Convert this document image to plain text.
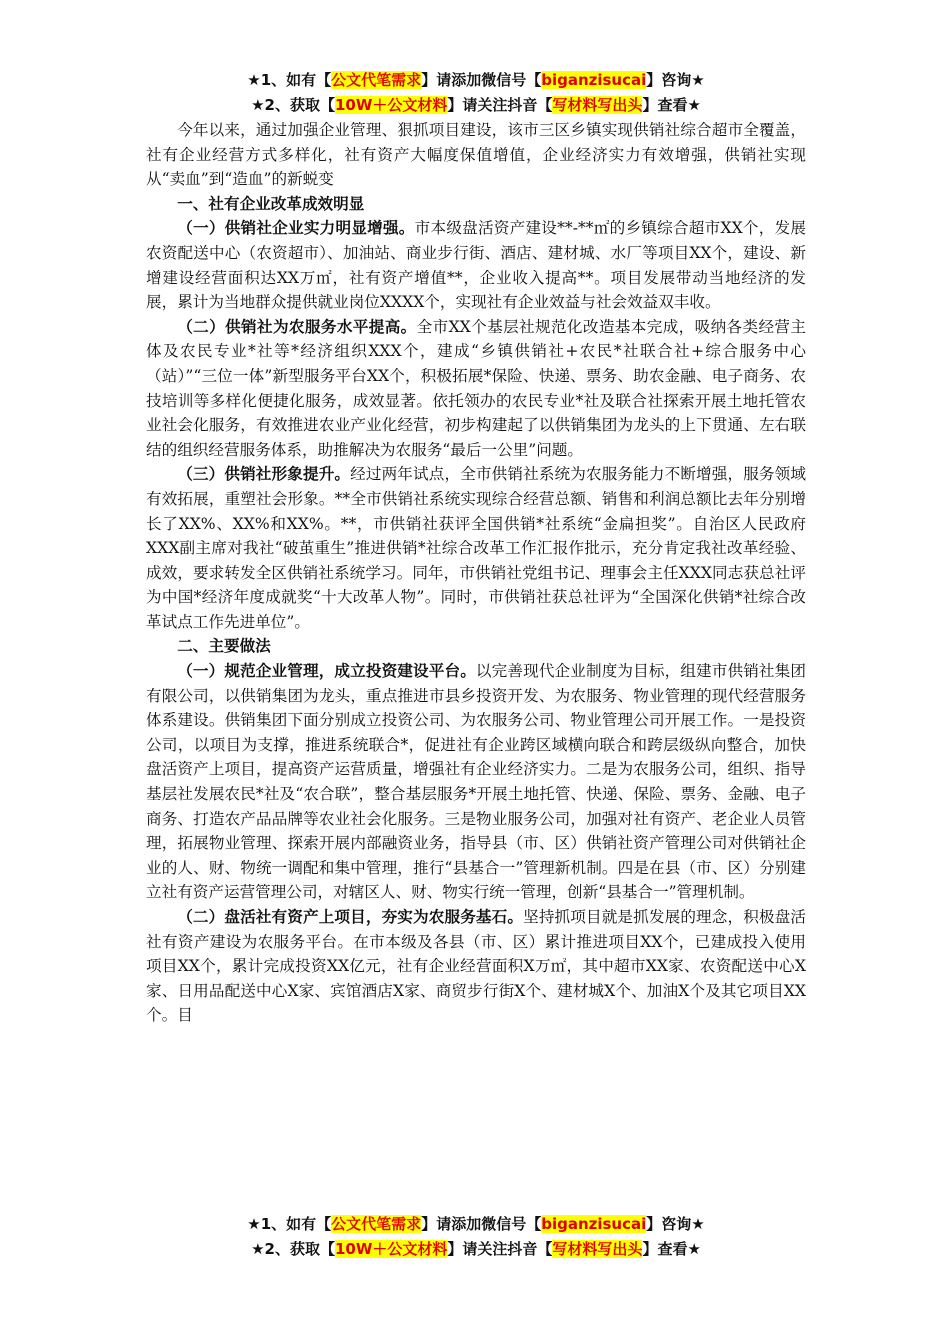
★1、如有【公文代笔需求】请添加微信号【biganzisucai】咨询★
★2、获取【10W＋公文材料】请关注抖音【写材料写出头】查看★

今年以来，通过加强企业管理、狠抓项目建设，该市三区乡镇实现供销社综合超市全覆盖，社有企业经营方式多样化，社有资产大幅度保值增值，企业经济实力有效增强，供销社实现从“卖血”到“造血”的新蜕变

一、社有企业改革成效明显

（一）供销社企业实力明显增强。市本级盘活资产建设**-**㎡的乡镇综合超市XX个，发展农资配送中心（农资超市）、加油站、商业步行街、酒店、建材城、水厂等项目XX个，建设、新增建设经营面积达XX万㎡，社有资产增值**，企业收入提高**。项目发展带动当地经济的发展，累计为当地群众提供就业岗位XXXX个，实现社有企业效益与社会效益双丰收。

（二）供销社为农服务水平提高。全市XX个基层社规范化改造基本完成，吸纳各类经营主体及农民专业*社等*经济组织XXX个，建成“乡镇供销社+农民*社联合社+综合服务中心（站）”“三位一体”新型服务平台XX个，积极拓展*保险、快递、票务、助农金融、电子商务、农技培训等多样化便捷化服务，成效显著。依托领办的农民专业*社及联合社探索开展土地托管农业社会化服务，有效推进农业产业化经营，初步构建起了以供销集团为龙头的上下贯通、左右联结的组织经营服务体系，助推解决为农服务“最后一公里”问题。

（三）供销社形象提升。经过两年试点，全市供销社系统为农服务能力不断增强，服务领域有效拓展，重塑社会形象。**全市供销社系统实现综合经营总额、销售和利润总额比去年分别增长了XX%、XX%和XX%。**，市供销社获评全国供销*社系统“金扁担奖”。自治区人民政府XXX副主席对我社“破茧重生”推进供销*社综合改革工作汇报作批示，充分肯定我社改革经验、成效，要求转发全区供销社系统学习。同年，市供销社党组书记、理事会主任XXX同志获总社评为中国*经济年度成就奖“十大改革人物”。同时，市供销社获总社评为“全国深化供销*社综合改革试点工作先进单位”。

二、主要做法

（一）规范企业管理，成立投资建设平台。以完善现代企业制度为目标，组建市供销社集团有限公司，以供销集团为龙头，重点推进市县乡投资开发、为农服务、物业管理的现代经营服务体系建设。供销集团下面分别成立投资公司、为农服务公司、物业管理公司开展工作。一是投资公司，以项目为支撑，推进系统联合*，促进社有企业跨区域横向联合和跨层级纵向整合，加快盘活资产上项目，提高资产运营质量，增强社有企业经济实力。二是为农服务公司，组织、指导基层社发展农民*社及“农合联”，整合基层服务*开展土地托管、快递、保险、票务、金融、电子商务、打造农产品品牌等农业社会化服务。三是物业服务公司，加强对社有资产、老企业人员管理，拓展物业管理、探索开展内部融资业务，指导县（市、区）供销社资产管理公司对供销社企业的人、财、物统一调配和集中管理，推行“县基合一”管理新机制。四是在县（市、区）分别建立社有资产运营管理公司，对辖区人、财、物实行统一管理，创新“县基合一”管理机制。

（二）盘活社有资产上项目，夯实为农服务基石。坚持抓项目就是抓发展的理念，积极盘活社有资产建设为农服务平台。在市本级及各县（市、区）累计推进项目XX个，已建成投入使用项目XX个，累计完成投资XX亿元，社有企业经营面积X万㎡，其中超市XX家、农资配送中心X家、日用品配送中心X家、宾馆酒店X家、商贸步行街X个、建材城X个、加油X个及其它项目XX个。目

★1、如有【公文代笔需求】请添加微信号【biganzisucai】咨询★
★2、获取【10W＋公文材料】请关注抖音【写材料写出头】查看★
